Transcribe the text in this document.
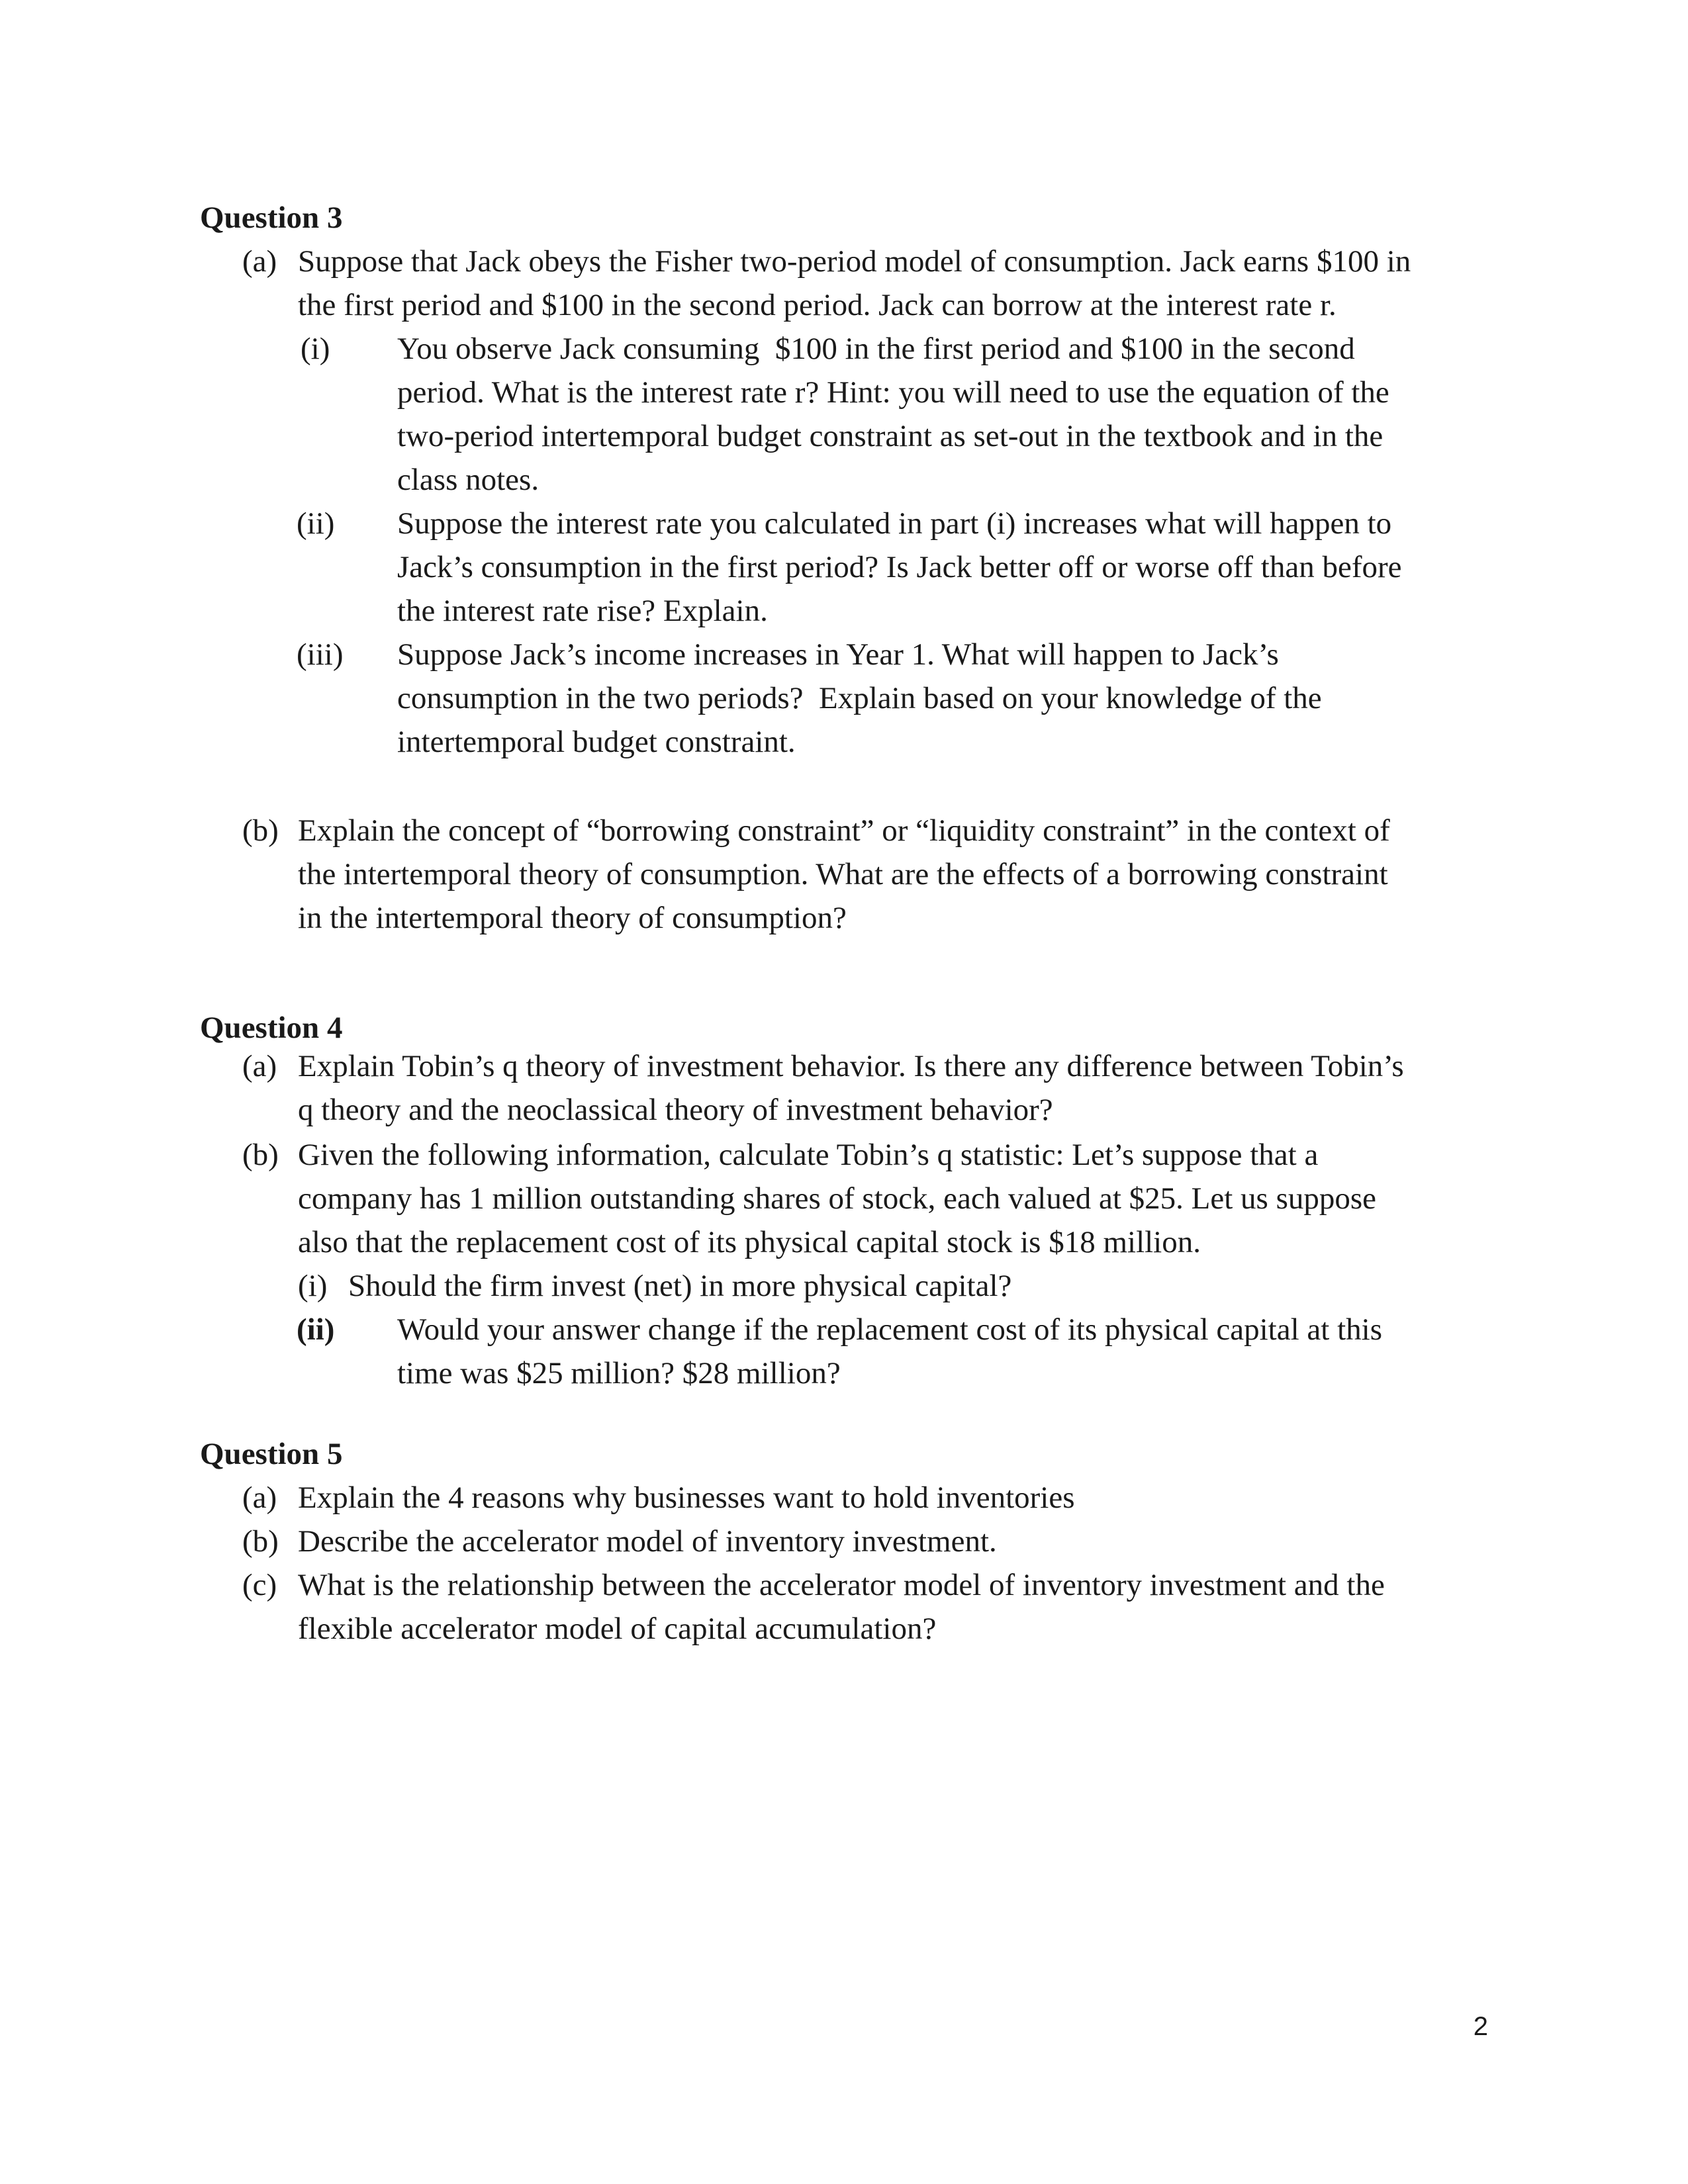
Question 3
(a) Suppose that Jack obeys the Fisher two-period model of consumption. Jack earns $100 in
the first period and $100 in the second period. Jack can borrow at the interest rate r.
(i) You observe Jack consuming  $100 in the first period and $100 in the second
period. What is the interest rate r? Hint: you will need to use the equation of the
two-period intertemporal budget constraint as set-out in the textbook and in the
class notes.
(ii) Suppose the interest rate you calculated in part (i) increases what will happen to
Jack’s consumption in the first period? Is Jack better off or worse off than before
the interest rate rise? Explain.
(iii) Suppose Jack’s income increases in Year 1. What will happen to Jack’s
consumption in the two periods?  Explain based on your knowledge of the
intertemporal budget constraint.
(b) Explain the concept of “borrowing constraint” or “liquidity constraint” in the context of
the intertemporal theory of consumption. What are the effects of a borrowing constraint
in the intertemporal theory of consumption?
Question 4
(a) Explain Tobin’s q theory of investment behavior. Is there any difference between Tobin’s
q theory and the neoclassical theory of investment behavior?
(b) Given the following information, calculate Tobin’s q statistic: Let’s suppose that a
company has 1 million outstanding shares of stock, each valued at $25. Let us suppose
also that the replacement cost of its physical capital stock is $18 million.
(i) Should the firm invest (net) in more physical capital?
(ii) Would your answer change if the replacement cost of its physical capital at this
time was $25 million? $28 million?
Question 5
(a) Explain the 4 reasons why businesses want to hold inventories
(b) Describe the accelerator model of inventory investment.
(c) What is the relationship between the accelerator model of inventory investment and the
flexible accelerator model of capital accumulation?
2
